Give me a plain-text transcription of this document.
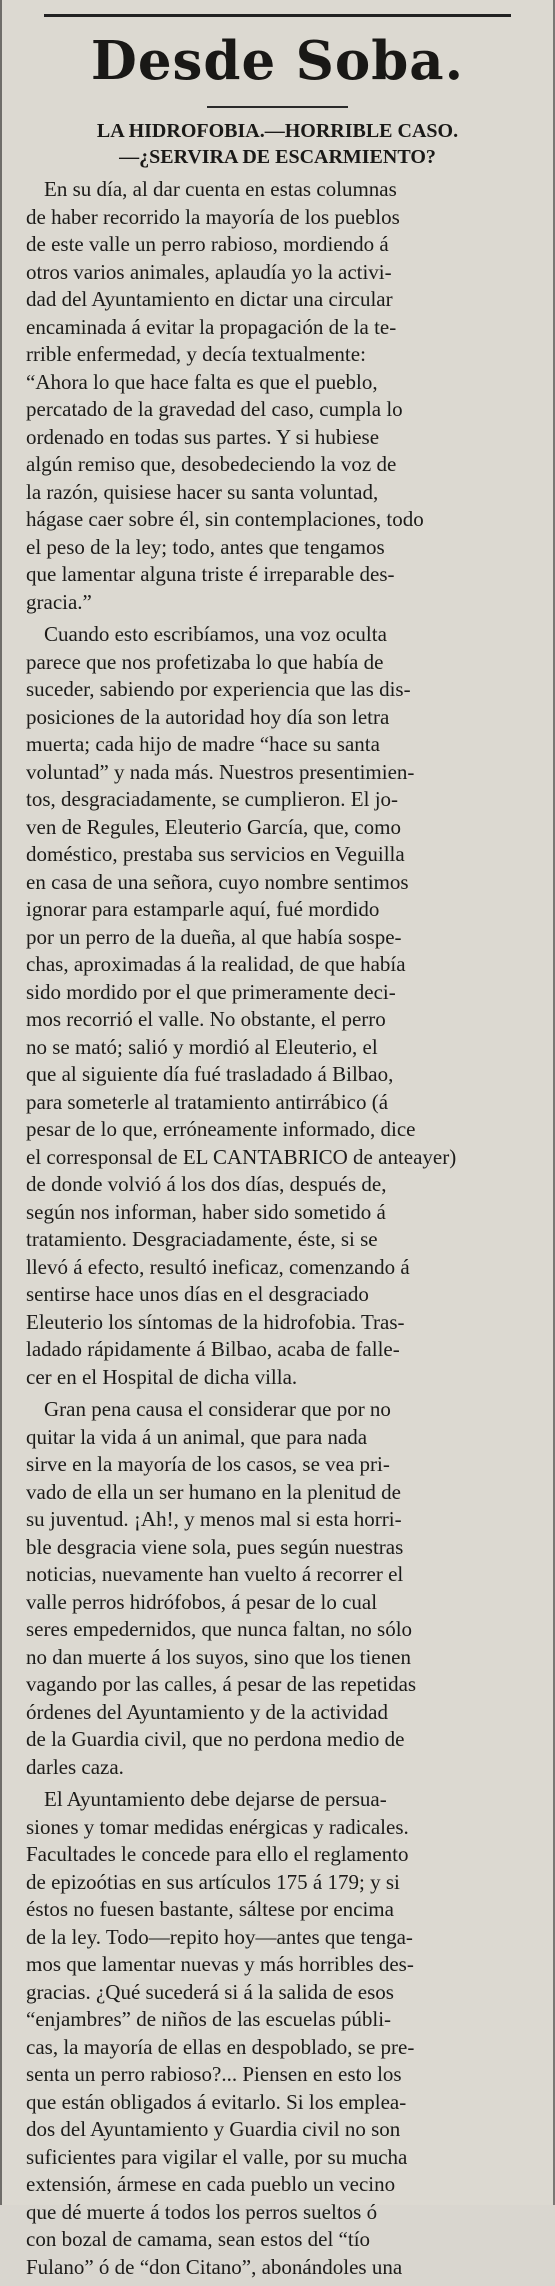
Desde Soba.
LA HIDROFOBIA.—HORRIBLE CASO.
—¿SERVIRA DE ESCARMIENTO?

En su día, al dar cuenta en estas columnas
de haber recorrido la mayoría de los pueblos
de este valle un perro rabioso, mordiendo á
otros varios animales, aplaudía yo la activi-
dad del Ayuntamiento en dictar una circular
encaminada á evitar la propagación de la te-
rrible enfermedad, y decía textualmente:
“Ahora lo que hace falta es que el pueblo,
percatado de la gravedad del caso, cumpla lo
ordenado en todas sus partes. Y si hubiese
algún remiso que, desobedeciendo la voz de
la razón, quisiese hacer su santa voluntad,
hágase caer sobre él, sin contemplaciones, todo
el peso de la ley; todo, antes que tengamos
que lamentar alguna triste é irreparable des-
gracia.”

Cuando esto escribíamos, una voz oculta
parece que nos profetizaba lo que había de
suceder, sabiendo por experiencia que las dis-
posiciones de la autoridad hoy día son letra
muerta; cada hijo de madre “hace su santa
voluntad” y nada más. Nuestros presentimien-
tos, desgraciadamente, se cumplieron. El jo-
ven de Regules, Eleuterio García, que, como
doméstico, prestaba sus servicios en Veguilla
en casa de una señora, cuyo nombre sentimos
ignorar para estamparle aquí, fué mordido
por un perro de la dueña, al que había sospe-
chas, aproximadas á la realidad, de que había
sido mordido por el que primeramente deci-
mos recorrió el valle. No obstante, el perro
no se mató; salió y mordió al Eleuterio, el
que al siguiente día fué trasladado á Bilbao,
para someterle al tratamiento antirrábico (á
pesar de lo que, erróneamente informado, dice
el corresponsal de EL CANTABRICO de anteayer)
de donde volvió á los dos días, después de,
según nos informan, haber sido sometido á
tratamiento. Desgraciadamente, éste, si se
llevó á efecto, resultó ineficaz, comenzando á
sentirse hace unos días en el desgraciado
Eleuterio los síntomas de la hidrofobia. Tras-
ladado rápidamente á Bilbao, acaba de falle-
cer en el Hospital de dicha villa.

Gran pena causa el considerar que por no
quitar la vida á un animal, que para nada
sirve en la mayoría de los casos, se vea pri-
vado de ella un ser humano en la plenitud de
su juventud. ¡Ah!, y menos mal si esta horri-
ble desgracia viene sola, pues según nuestras
noticias, nuevamente han vuelto á recorrer el
valle perros hidrófobos, á pesar de lo cual
seres empedernidos, que nunca faltan, no sólo
no dan muerte á los suyos, sino que los tienen
vagando por las calles, á pesar de las repetidas
órdenes del Ayuntamiento y de la actividad
de la Guardia civil, que no perdona medio de
darles caza.

El Ayuntamiento debe dejarse de persua-
siones y tomar medidas enérgicas y radicales.
Facultades le concede para ello el reglamento
de epizoótias en sus artículos 175 á 179; y si
éstos no fuesen bastante, sáltese por encima
de la ley. Todo—repito hoy—antes que tenga-
mos que lamentar nuevas y más horribles des-
gracias. ¿Qué sucederá si á la salida de esos
“enjambres” de niños de las escuelas públi-
cas, la mayoría de ellas en despoblado, se pre-
senta un perro rabioso?... Piensen en esto los
que están obligados á evitarlo. Si los emplea-
dos del Ayuntamiento y Guardia civil no son
suficientes para vigilar el valle, por su mucha
extensión, ármese en cada pueblo un vecino
que dé muerte á todos los perros sueltos ó
con bozal de camama, sean estos del “tío
Fulano” ó de “don Citano”, abonándoles una
